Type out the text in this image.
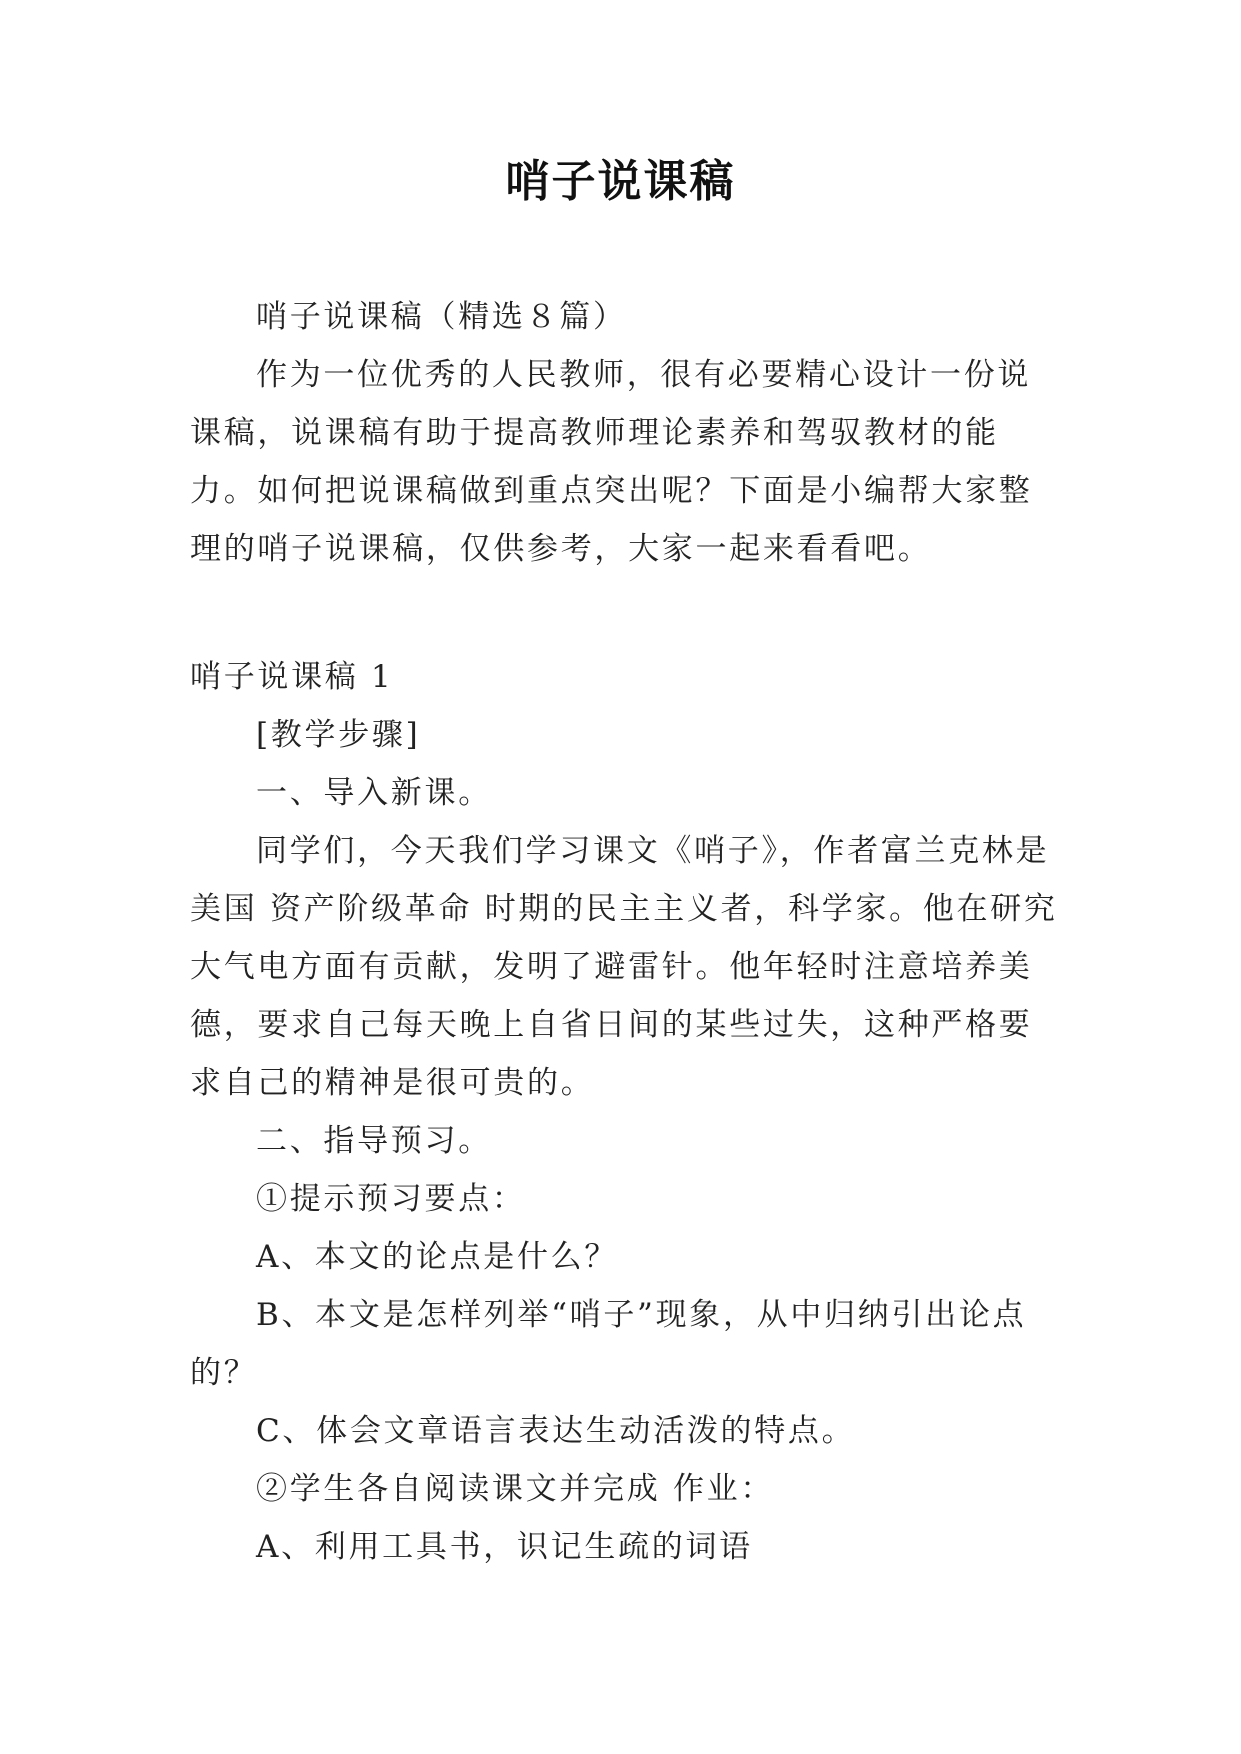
哨子说课稿

哨子说课稿（精选８篇）

作为一位优秀的人民教师，很有必要精心设计一份说课稿，说课稿有助于提高教师理论素养和驾驭教材的能力。如何把说课稿做到重点突出呢？下面是小编帮大家整理的哨子说课稿，仅供参考，大家一起来看看吧。

哨子说课稿 1

[教学步骤]

一、导入新课。

同学们，今天我们学习课文《哨子》，作者富兰克林是美国 资产阶级革命 时期的民主主义者，科学家。他在研究大气电方面有贡献，发明了避雷针。他年轻时注意培养美德，要求自己每天晚上自省日间的某些过失，这种严格要求自己的精神是很可贵的。

二、指导预习。

①提示预习要点：

A、本文的论点是什么？

B、本文是怎样列举“哨子”现象，从中归纳引出论点的？

C、体会文章语言表达生动活泼的特点。

②学生各自阅读课文并完成 作业：

A、利用工具书，识记生疏的词语
